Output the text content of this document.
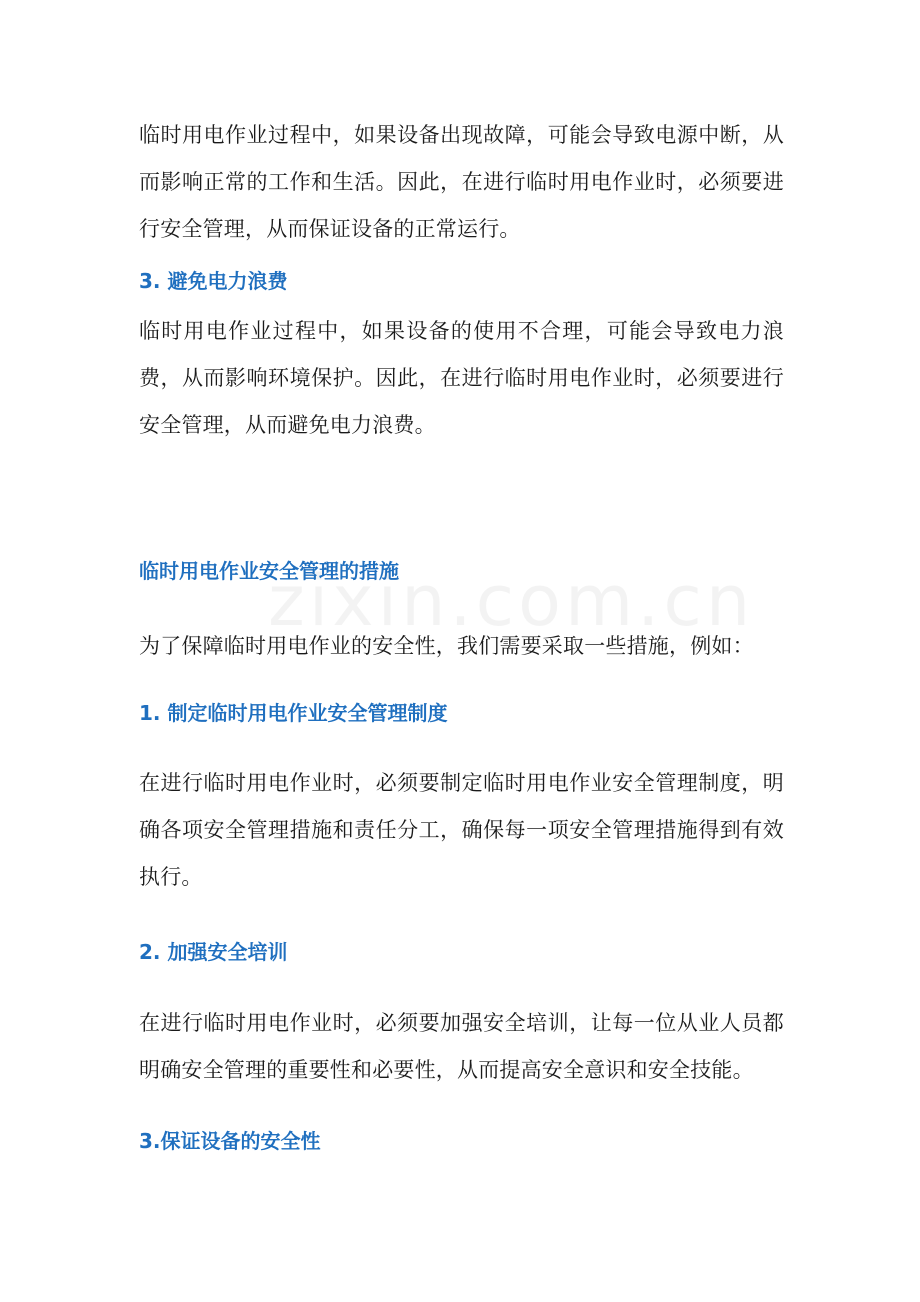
临时用电作业过程中，如果设备出现故障，可能会导致电源中断，从而影响正常的工作和生活。因此，在进行临时用电作业时，必须要进行安全管理，从而保证设备的正常运行。

3. 避免电力浪费

临时用电作业过程中，如果设备的使用不合理，可能会导致电力浪费，从而影响环境保护。因此，在进行临时用电作业时，必须要进行安全管理，从而避免电力浪费。

临时用电作业安全管理的措施

为了保障临时用电作业的安全性，我们需要采取一些措施，例如：

1. 制定临时用电作业安全管理制度

在进行临时用电作业时，必须要制定临时用电作业安全管理制度，明确各项安全管理措施和责任分工，确保每一项安全管理措施得到有效执行。

2. 加强安全培训

在进行临时用电作业时，必须要加强安全培训，让每一位从业人员都明确安全管理的重要性和必要性，从而提高安全意识和安全技能。

3.保证设备的安全性
